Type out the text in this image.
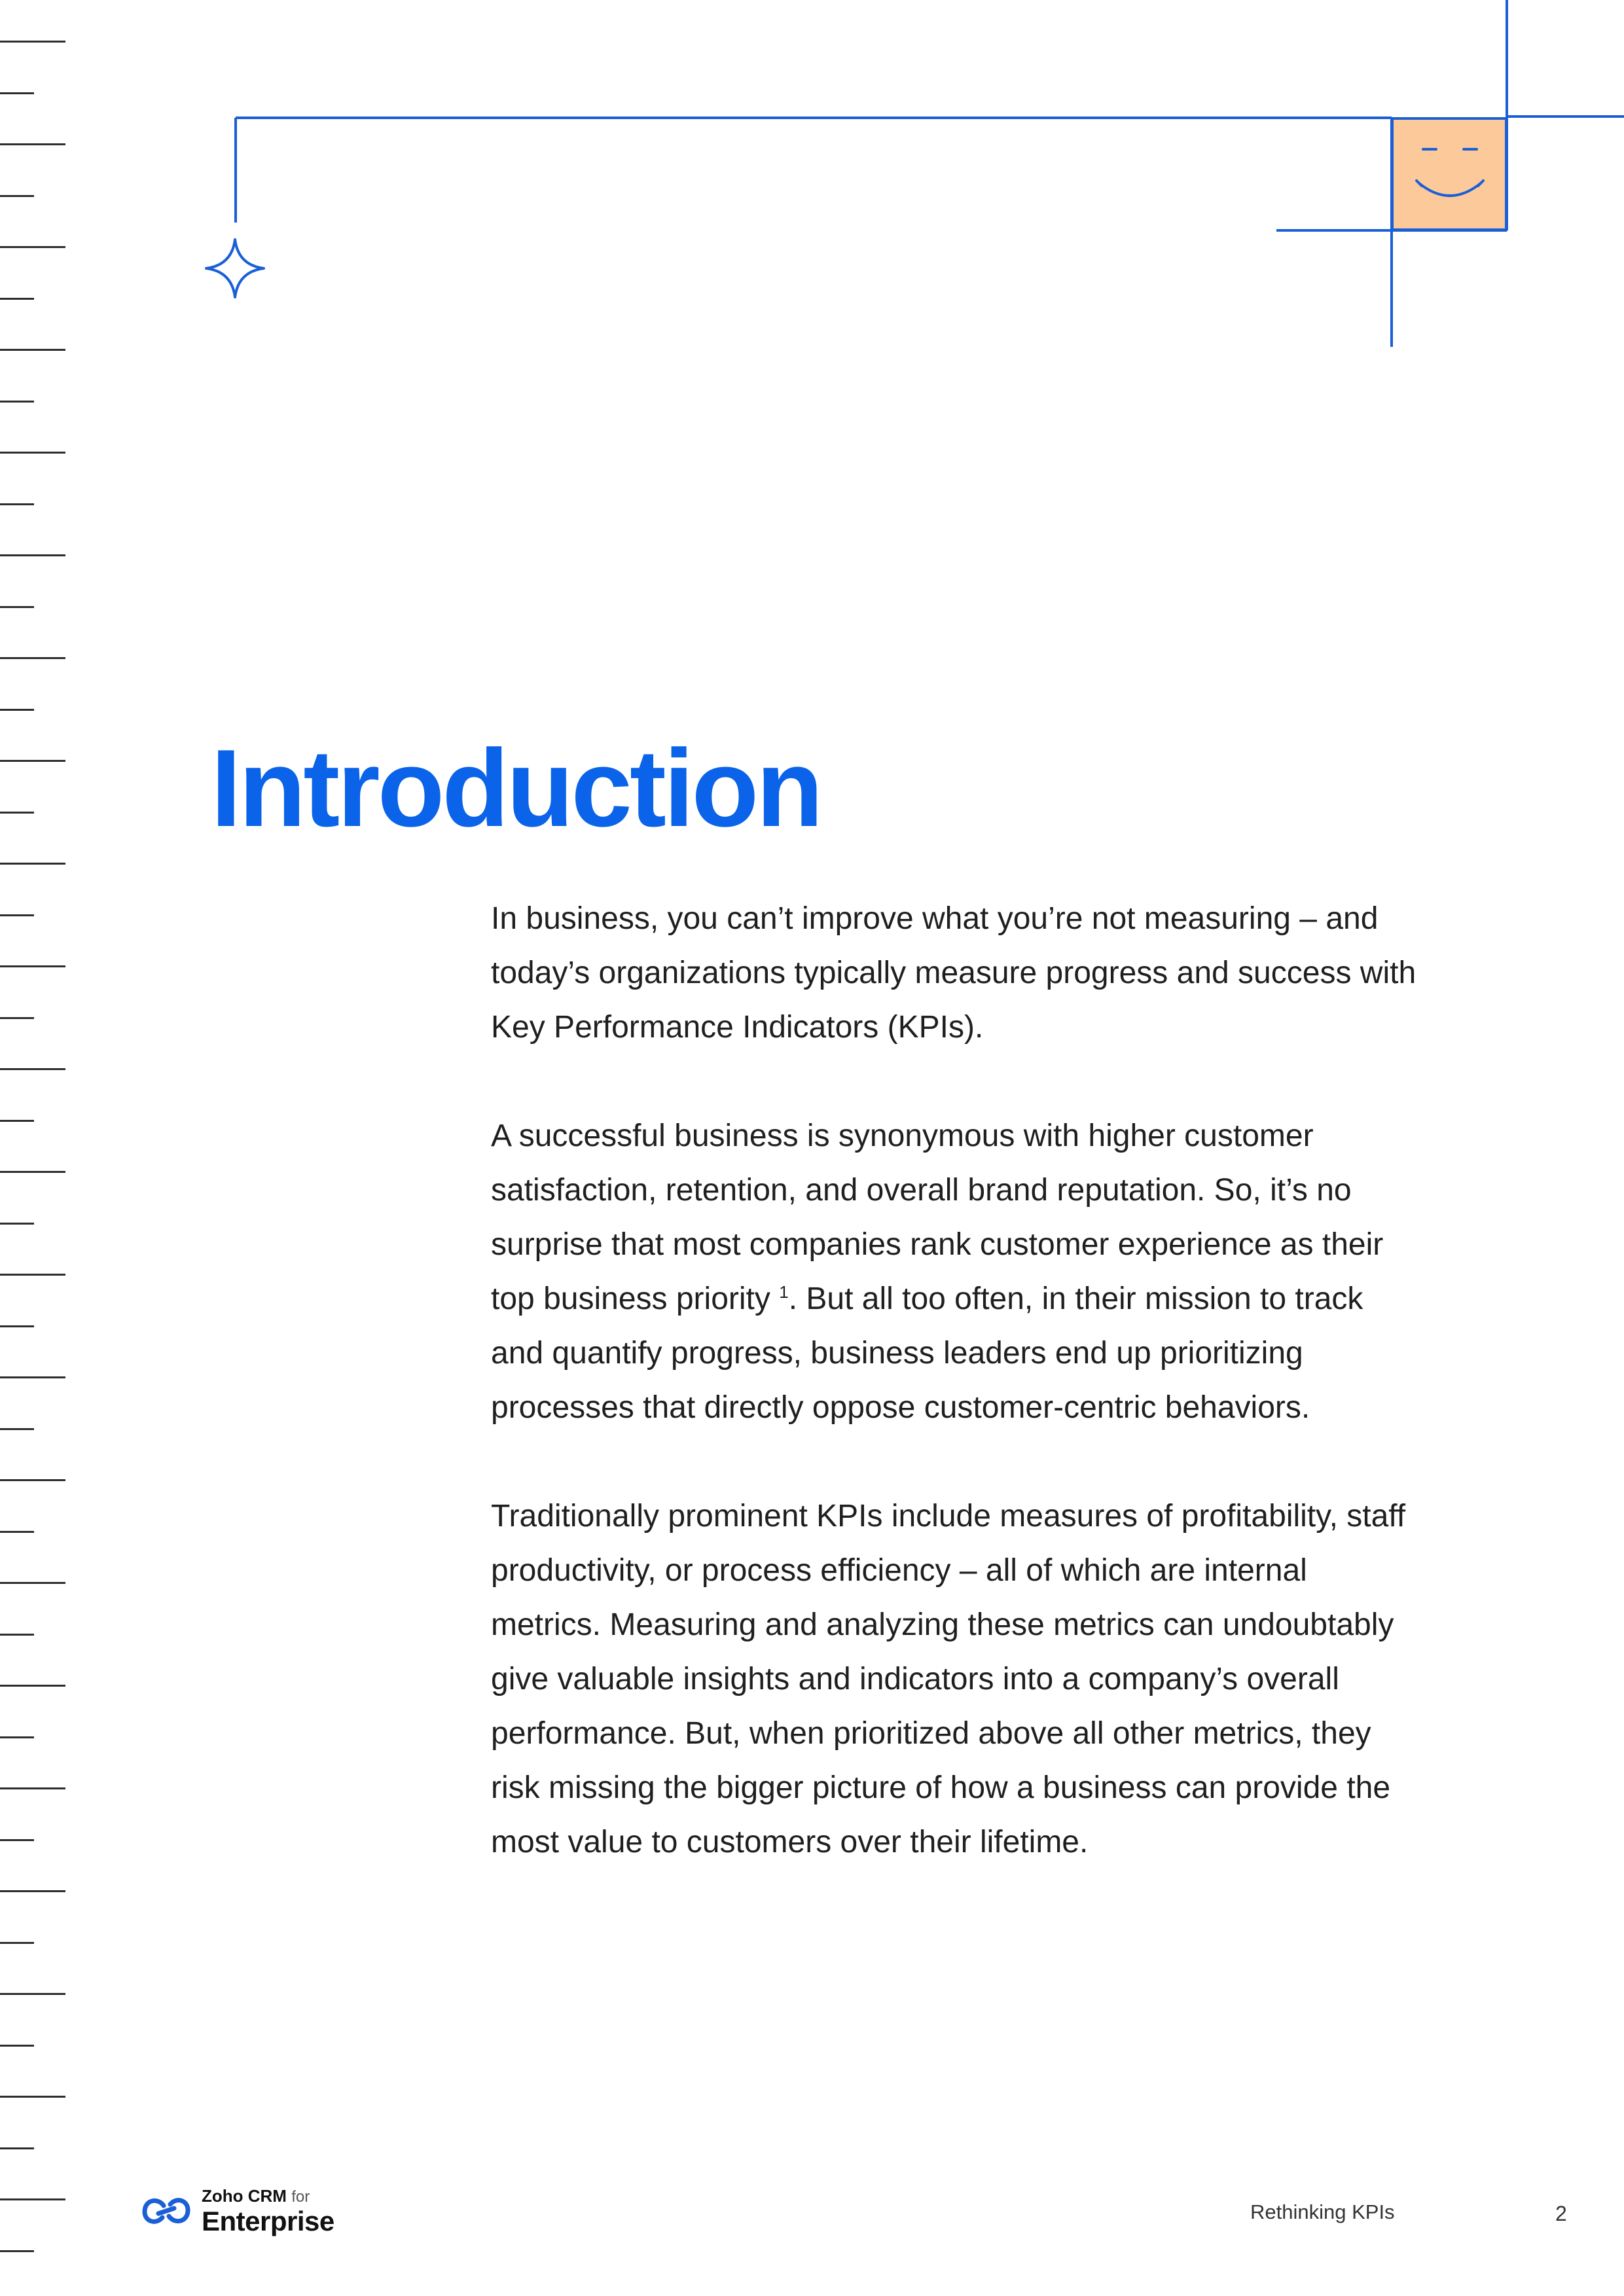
Introduction

In business, you can’t improve what you’re not measuring – and today’s organizations typically measure progress and success with Key Performance Indicators (KPIs).

A successful business is synonymous with higher customer satisfaction, retention, and overall brand reputation. So, it’s no surprise that most companies rank customer experience as their top business priority $^1$. But all too often, in their mission to track and quantify progress, business leaders end up prioritizing processes that directly oppose customer-centric behaviors.

Traditionally prominent KPIs include measures of profitability, staff productivity, or process efficiency – all of which are internal metrics. Measuring and analyzing these metrics can undoubtably give valuable insights and indicators into a company’s overall performance. But, when prioritized above all other metrics, they risk missing the bigger picture of how a business can provide the most value to customers over their lifetime.

Zoho CRM for
Enterprise	Rethinking KPIs	2
